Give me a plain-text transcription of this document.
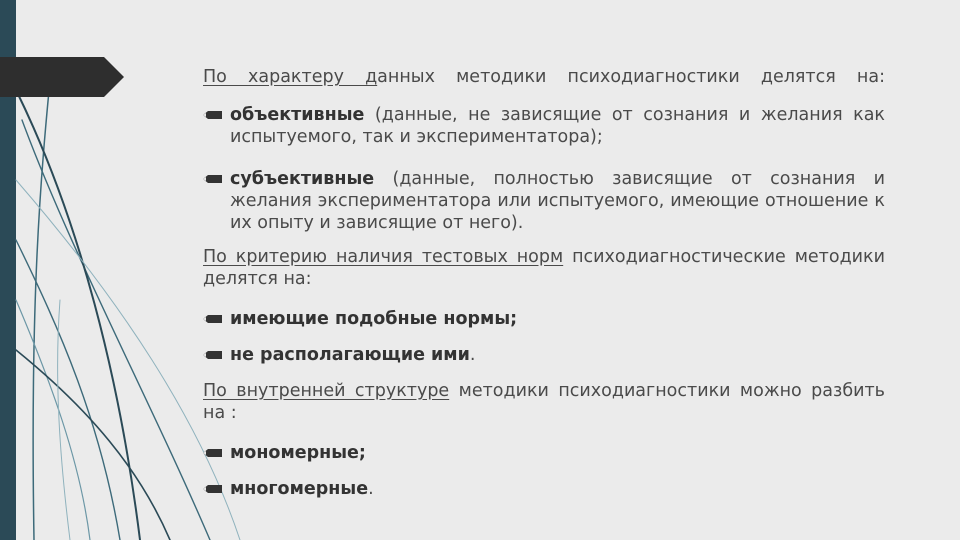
По характеру данных методики психодиагностики делятся на:
объективные (данные, не зависящие от сознания и желания как испытуемого, так и экспериментатора);
субъективные (данные, полностью зависящие от сознания и желания экспериментатора или испытуемого, имеющие отношение к их опыту и зависящие от него).
По критерию наличия тестовых норм психодиагностические методики делятся на:
имеющие подобные нормы;
не располагающие ими.
По внутренней структуре методики психодиагностики можно разбить на :
мономерные;
многомерные.
